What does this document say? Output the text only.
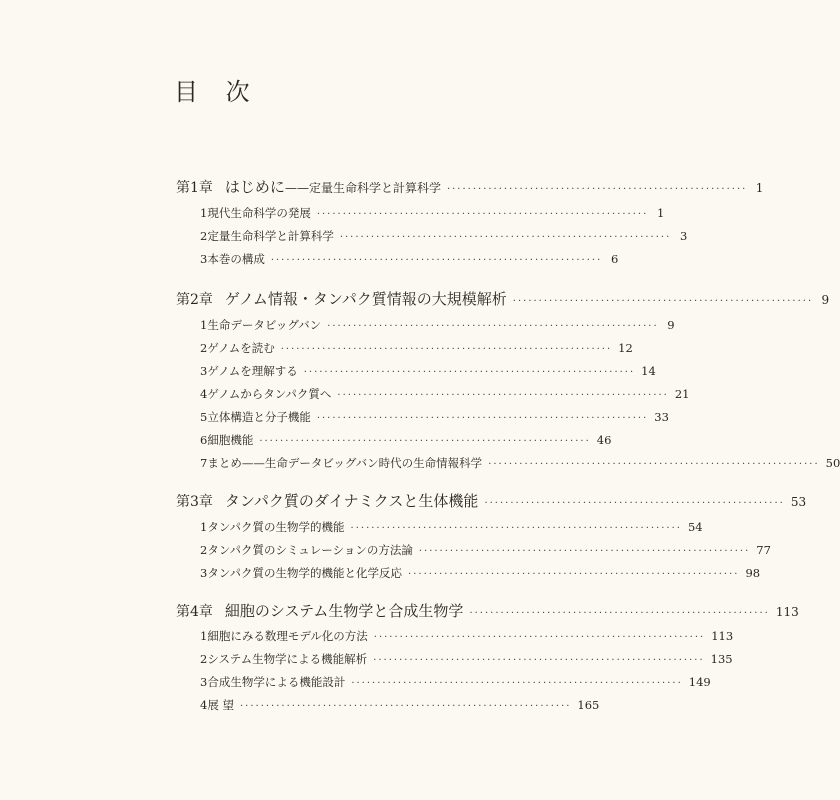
目 次
第1章 はじめに ——定量生命科学と計算科学 ·························································· 1
1 現代生命科学の発展 ································································ 1
2 定量生命科学と計算科学 ································································ 3
3 本巻の構成 ································································ 6
第2章 ゲノム情報・タンパク質情報の大規模解析 ·························································· 9
1 生命データビッグバン ································································ 9
2 ゲノムを読む ································································ 12
3 ゲノムを理解する ································································ 14
4 ゲノムからタンパク質へ ································································ 21
5 立体構造と分子機能 ································································ 33
6 細胞機能 ································································ 46
7 まとめ——生命データビッグバン時代の生命情報科学 ································································ 50
第3章 タンパク質のダイナミクスと生体機能 ·························································· 53
1 タンパク質の生物学的機能 ································································ 54
2 タンパク質のシミュレーションの方法論 ································································ 77
3 タンパク質の生物学的機能と化学反応 ································································ 98
第4章 細胞のシステム生物学と合成生物学 ·························································· 113
1 細胞にみる数理モデル化の方法 ································································ 113
2 システム生物学による機能解析 ································································ 135
3 合成生物学による機能設計 ································································ 149
4 展 望 ································································ 165
